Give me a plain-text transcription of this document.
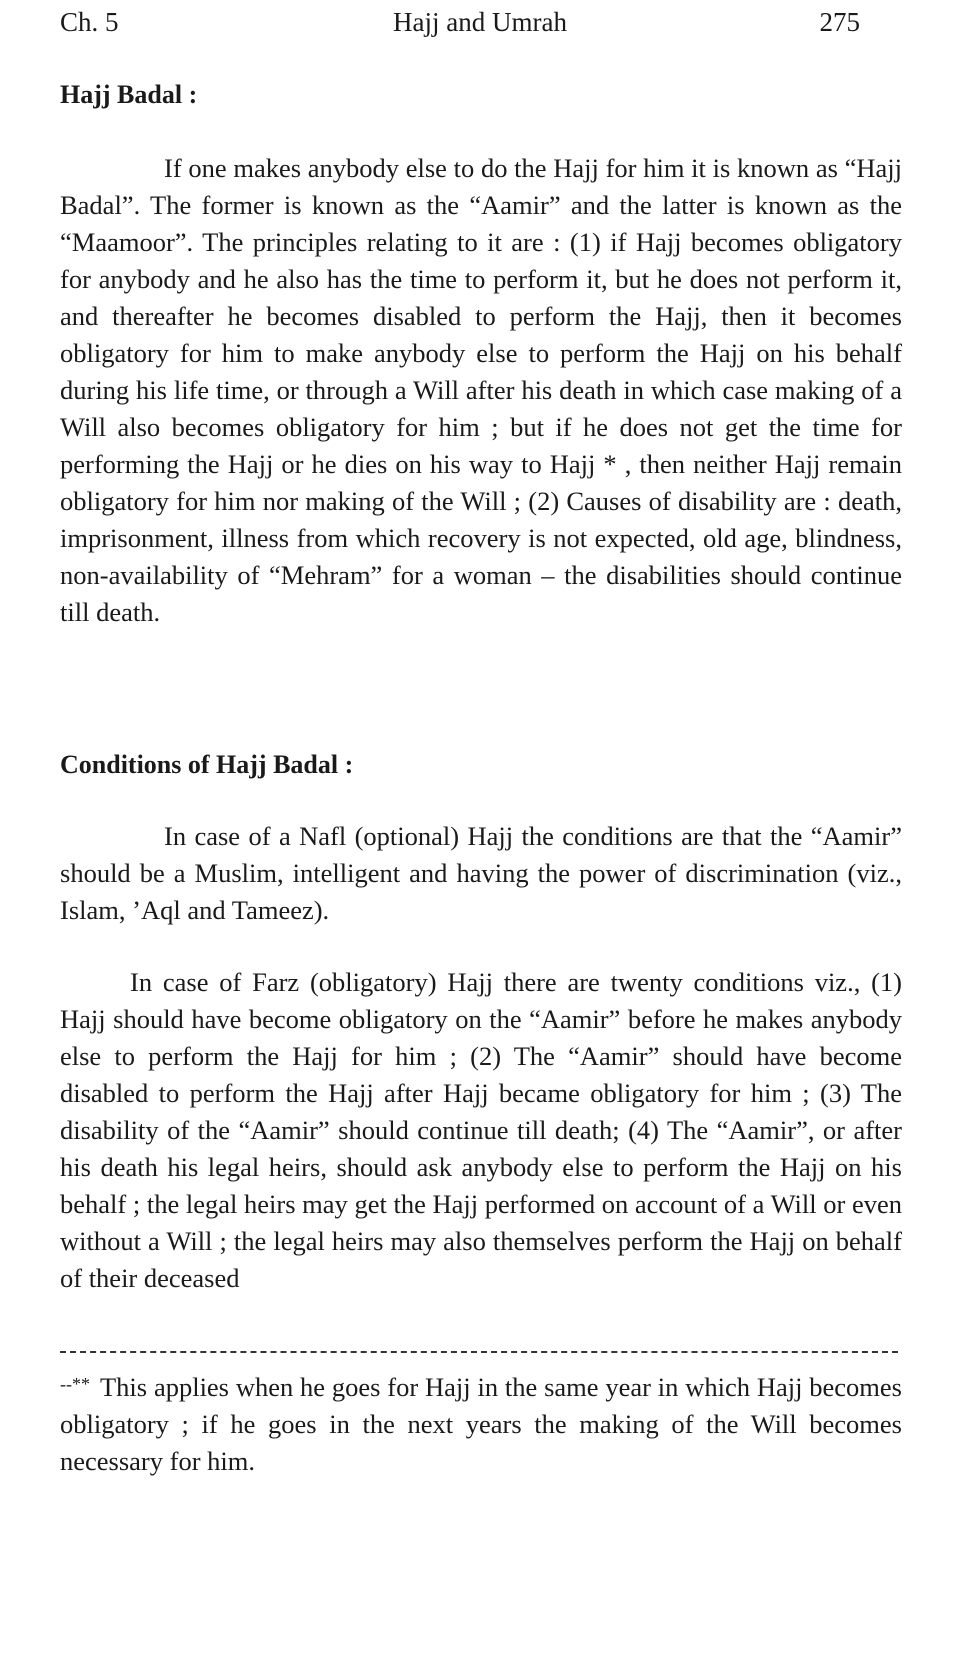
Ch. 5	Hajj and Umrah	275
Hajj Badal :

If one makes anybody else to do the Hajj for him it is known as “Hajj Badal”. The former is known as the “Aamir” and the latter is known as the “Maamoor”. The principles relating to it are : (1) if Hajj becomes obligatory for anybody and he also has the time to perform it, but he does not perform it, and thereafter he becomes disabled to perform the Hajj, then it becomes obligatory for him to make anybody else to perform the Hajj on his behalf during his life time, or through a Will after his death in which case making of a Will also becomes obligatory for him ; but if he does not get the time for performing the Hajj or he dies on his way to Hajj * , then neither Hajj remain obligatory for him nor making of the Will ; (2) Causes of disability are : death, imprisonment, illness from which recovery is not expected, old age, blindness, non-availability of “Mehram” for a woman – the disabilities should continue till death.

Conditions of Hajj Badal :

In case of a Nafl (optional) Hajj the conditions are that the “Aamir” should be a Muslim, intelligent and having the power of discrimination (viz., Islam, ’Aql and Tameez).

In case of Farz (obligatory) Hajj there are twenty conditions viz., (1) Hajj should have become obligatory on the “Aamir” before he makes anybody else to perform the Hajj for him ; (2) The “Aamir” should have become disabled to perform the Hajj after Hajj became obligatory for him ; (3) The disability of the “Aamir” should continue till death; (4) The “Aamir”, or after his death his legal heirs, should ask anybody else to perform the Hajj on his behalf ; the legal heirs may get the Hajj performed on account of a Will or even without a Will ; the legal heirs may also themselves perform the Hajj on behalf of their deceased

--** This applies when he goes for Hajj in the same year in which Hajj becomes obligatory ; if he goes in the next years the making of the Will becomes necessary for him.
